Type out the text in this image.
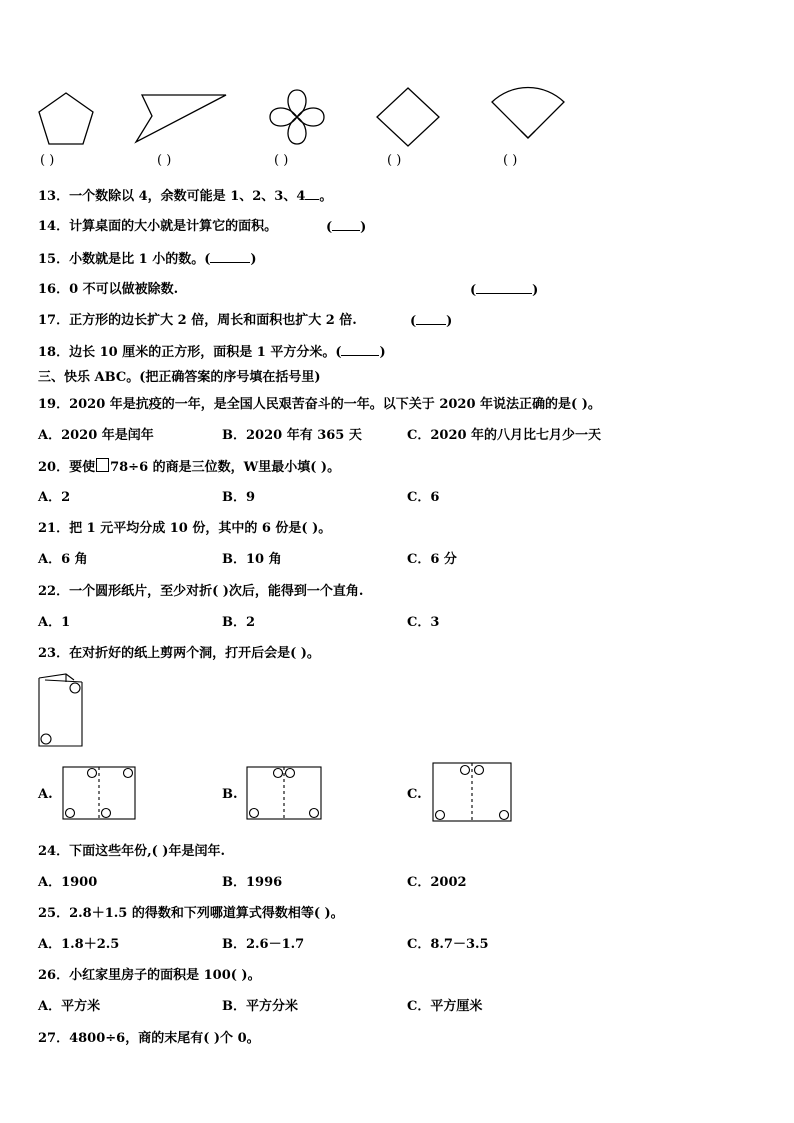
( )	( )	( )	( )	( )
13．一个数除以 4，余数可能是 1、2、3、4 。
14．计算桌面的大小就是计算它的面积。	( )
15．小数就是比 1 小的数。(	)
16．0 不可以做被除数.	(	)
17．正方形的边长扩大 2 倍，周长和面积也扩大 2 倍.	( )
18．边长 10 厘米的正方形，面积是 1 平方分米。(	)
三、快乐 ABC。(把正确答案的序号填在括号里)
19．2020 年是抗疫的一年，是全国人民艰苦奋斗的一年。以下关于 2020 年说法正确的是( )。
A．2020 年是闰年	B．2020 年有 365 天	C．2020 年的八月比七月少一天
20．要使 78÷6 的商是三位数，W里最小填( )。
A．2	B．9	C．6
21．把 1 元平均分成 10 份，其中的 6 份是( )。
A．6 角	B．10 角	C．6 分
22．一个圆形纸片，至少对折( )次后，能得到一个直角.
A．1	B．2	C．3
23．在对折好的纸上剪两个洞，打开后会是( )。
A.	B.	C.
24．下面这些年份,( )年是闰年.
A．1900	B．1996	C．2002
25．2.8＋1.5 的得数和下列哪道算式得数相等( )。
A．1.8＋2.5	B．2.6－1.7	C．8.7－3.5
26．小红家里房子的面积是 100( )。
A．平方米	B．平方分米	C．平方厘米
27．4800÷6，商的末尾有( )个 0。
